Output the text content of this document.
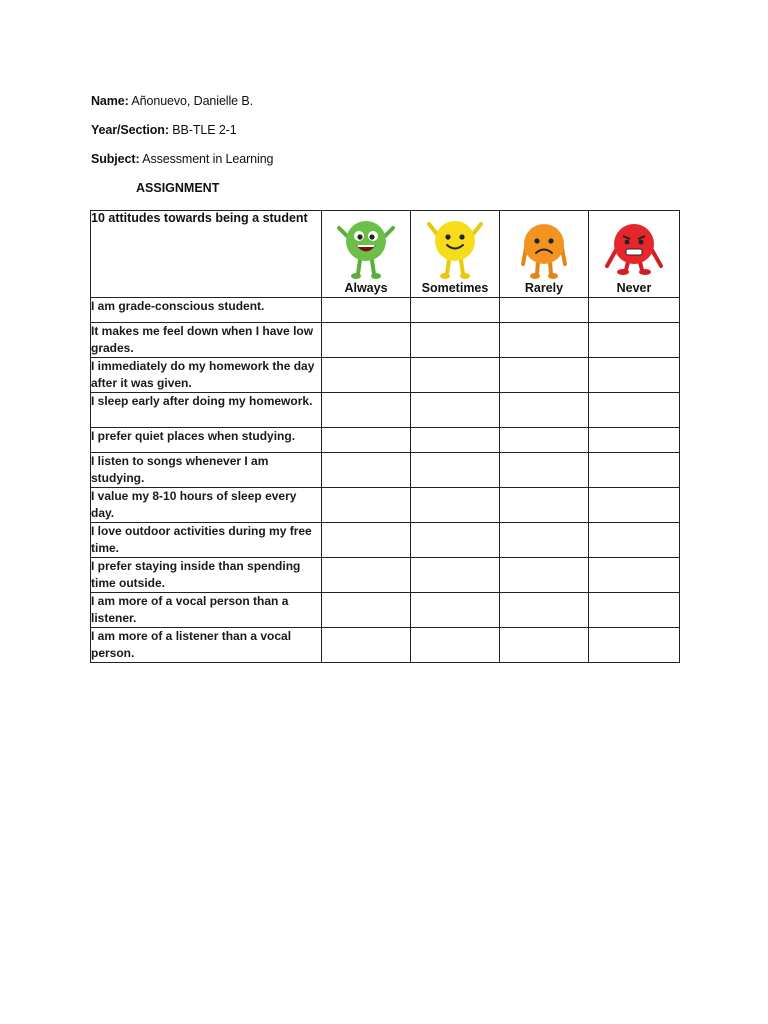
Name: Añonuevo, Danielle B.
Year/Section: BB-TLE 2-1
Subject: Assessment in Learning
ASSIGNMENT
10 attitudes towards being a student	Always	Sometimes	Rarely	Never

I am grade-conscious student.				
It makes me feel down when I have low grades.				
I immediately do my homework the day after it was given.				
I sleep early after doing my homework.				
I prefer quiet places when studying.				
I listen to songs whenever I am studying.				
I value my 8-10 hours of sleep every day.				
I love outdoor activities during my free time.				
I prefer staying inside than spending time outside.				
I am more of a vocal person than a listener.				
I am more of a listener than a vocal person.				
